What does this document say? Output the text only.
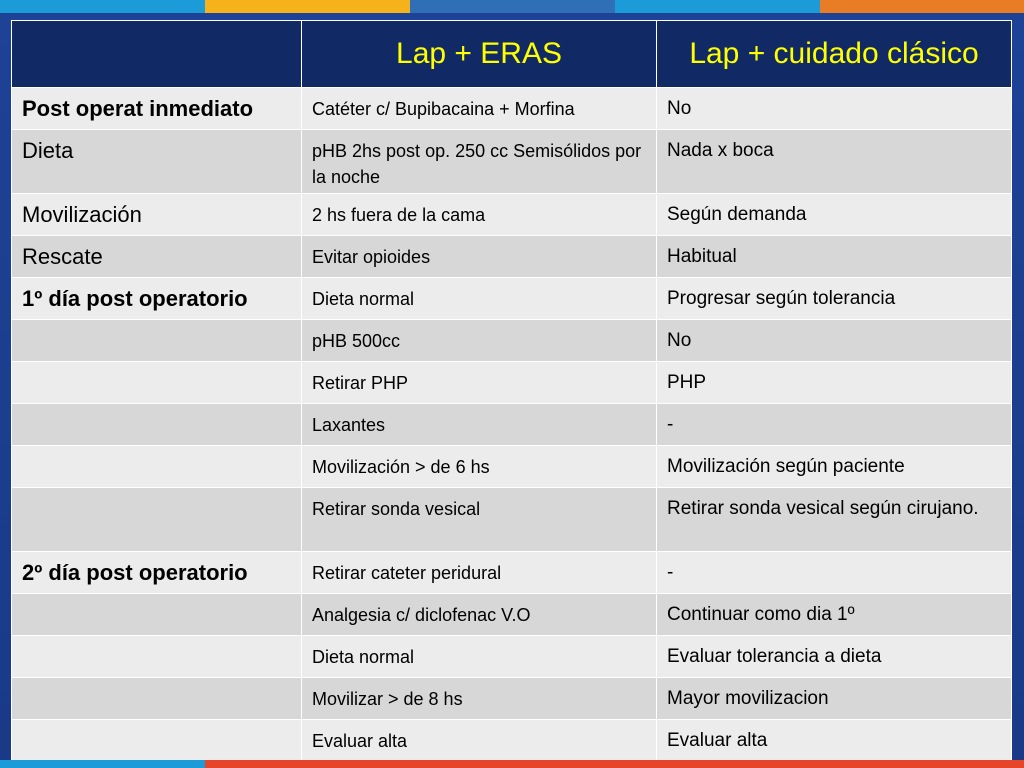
	Lap + ERAS	Lap + cuidado clásico
Post operat inmediato	Catéter c/ Bupibacaina + Morfina	No
Dieta	pHB 2hs post op. 250 cc Semisólidos por la noche	Nada x boca
Movilización	2 hs fuera de la cama	Según demanda
Rescate	Evitar opioides	Habitual
1º día post operatorio	Dieta normal	Progresar según tolerancia
	pHB 500cc	No
	Retirar PHP	PHP
	Laxantes	-
	Movilización > de 6 hs	Movilización según paciente
	Retirar sonda vesical	Retirar sonda vesical según cirujano.
2º día post operatorio	Retirar cateter peridural	-
	Analgesia c/ diclofenac V.O	Continuar como dia 1º
	Dieta normal	Evaluar tolerancia a dieta
	Movilizar > de 8 hs	Mayor movilizacion
	Evaluar alta	Evaluar alta
